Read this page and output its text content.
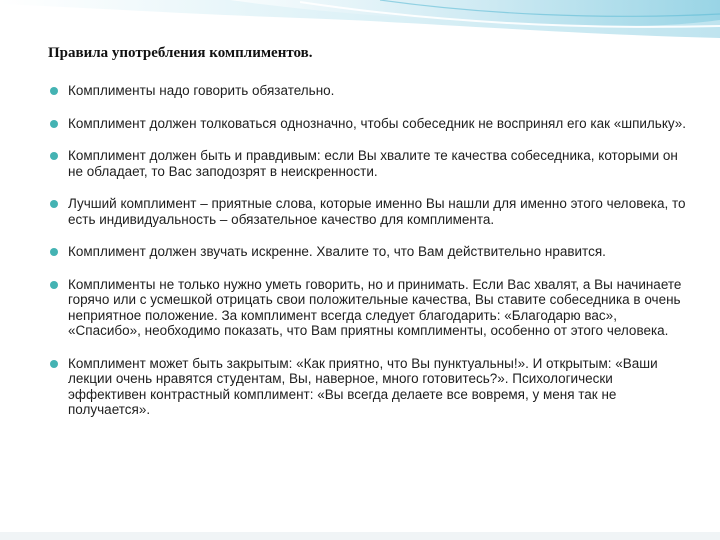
Правила употребления комплиментов.
Комплименты надо говорить обязательно.
Комплимент должен толковаться однозначно, чтобы собеседник не воспринял его как «шпильку».
Комплимент должен быть и правдивым: если Вы хвалите те качества собеседника, которыми он не обладает, то Вас заподозрят в неискренности.
Лучший комплимент – приятные слова, которые именно Вы нашли для именно этого человека, то есть индивидуальность – обязательное качество для комплимента.
Комплимент должен звучать искренне. Хвалите то, что Вам действительно нравится.
Комплименты не только нужно уметь говорить, но и принимать. Если Вас хвалят, а Вы начинаете горячо или с усмешкой отрицать свои положительные качества, Вы ставите собеседника в очень неприятное положение. За комплимент всегда следует благодарить: «Благодарю вас», «Спасибо», необходимо показать, что Вам приятны комплименты, особенно от этого человека.
Комплимент может быть закрытым: «Как приятно, что Вы пунктуальны!». И открытым: «Ваши лекции очень нравятся студентам, Вы, наверное, много готовитесь?». Психологически эффективен контрастный комплимент: «Вы всегда делаете все вовремя, у меня так не получается».
